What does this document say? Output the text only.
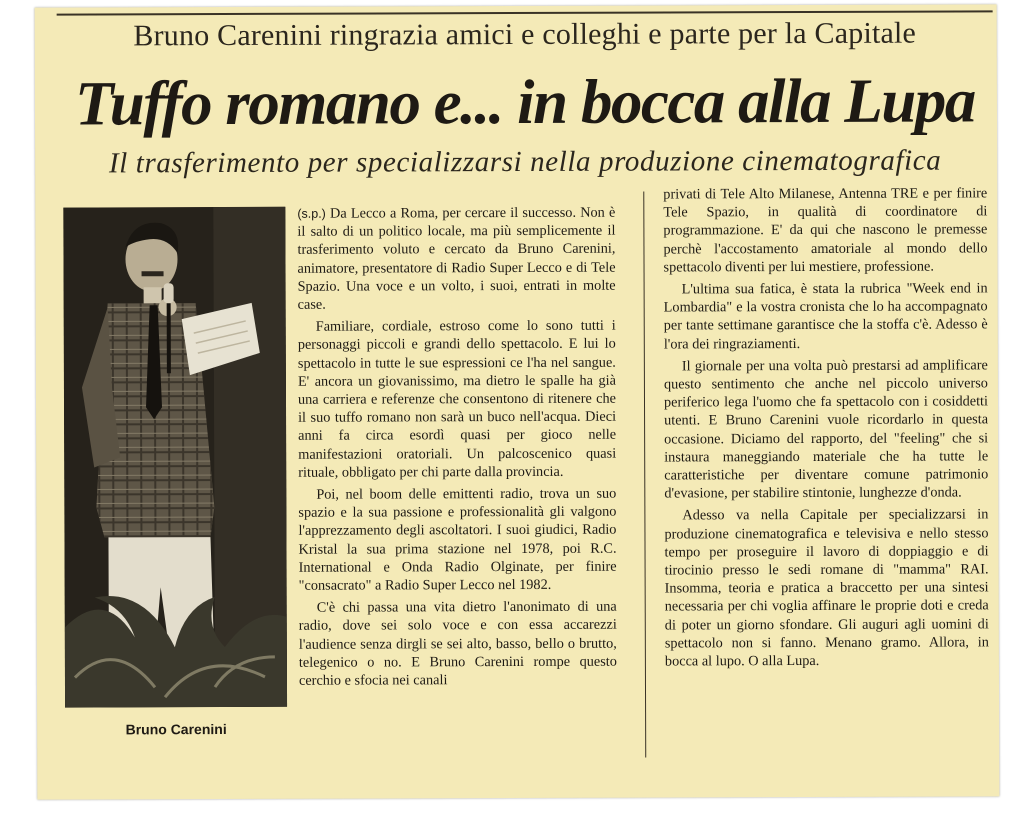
Bruno Carenini ringrazia amici e colleghi e parte per la Capitale
Tuffo romano e... in bocca alla Lupa
Il trasferimento per specializzarsi nella produzione cinematografica
Bruno Carenini

(s.p.) Da Lecco a Roma, per cercare il successo. Non è il salto di un politico locale, ma più semplicemente il trasferimento voluto e cercato da Bruno Carenini, animatore, presentatore di Radio Super Lecco e di Tele Spazio. Una voce e un volto, i suoi, entrati in molte case.

Familiare, cordiale, estroso come lo sono tutti i personaggi piccoli e grandi dello spettacolo. E lui lo spettacolo in tutte le sue espressioni ce l'ha nel sangue. E' ancora un giovanissimo, ma dietro le spalle ha già una carriera e referenze che consentono di ritenere che il suo tuffo romano non sarà un buco nell'acqua. Dieci anni fa circa esordì quasi per gioco nelle manifestazioni oratoriali. Un palcoscenico quasi rituale, obbligato per chi parte dalla provincia.

Poi, nel boom delle emittenti radio, trova un suo spazio e la sua passione e professionalità gli valgono l'apprezzamento degli ascoltatori. I suoi giudici, Radio Kristal la sua prima stazione nel 1978, poi R.C. International e Onda Radio Olginate, per finire "consacrato" a Radio Super Lecco nel 1982.

C'è chi passa una vita dietro l'anonimato di una radio, dove sei solo voce e con essa accarezzi l'audience senza dirgli se sei alto, basso, bello o brutto, telegenico o no. E Bruno Carenini rompe questo cerchio e sfocia nei canali

privati di Tele Alto Milanese, Antenna TRE e per finire Tele Spazio, in qualità di coordinatore di programmazione. E' da qui che nascono le premesse perchè l'accostamento amatoriale al mondo dello spettacolo diventi per lui mestiere, professione.

L'ultima sua fatica, è stata la rubrica "Week end in Lombardia" e la vostra cronista che lo ha accompagnato per tante settimane garantisce che la stoffa c'è. Adesso è l'ora dei ringraziamenti.

Il giornale per una volta può prestarsi ad amplificare questo sentimento che anche nel piccolo universo periferico lega l'uomo che fa spettacolo con i cosiddetti utenti. E Bruno Carenini vuole ricordarlo in questa occasione. Diciamo del rapporto, del "feeling" che si instaura maneggiando materiale che ha tutte le caratteristiche per diventare comune patrimonio d'evasione, per stabilire stintonie, lunghezze d'onda.

Adesso va nella Capitale per specializzarsi in produzione cinematografica e televisiva e nello stesso tempo per proseguire il lavoro di doppiaggio e di tirocinio presso le sedi romane di "mamma" RAI. Insomma, teoria e pratica a braccetto per una sintesi necessaria per chi voglia affinare le proprie doti e creda di poter un giorno sfondare. Gli auguri agli uomini di spettacolo non si fanno. Menano gramo. Allora, in bocca al lupo. O alla Lupa.
